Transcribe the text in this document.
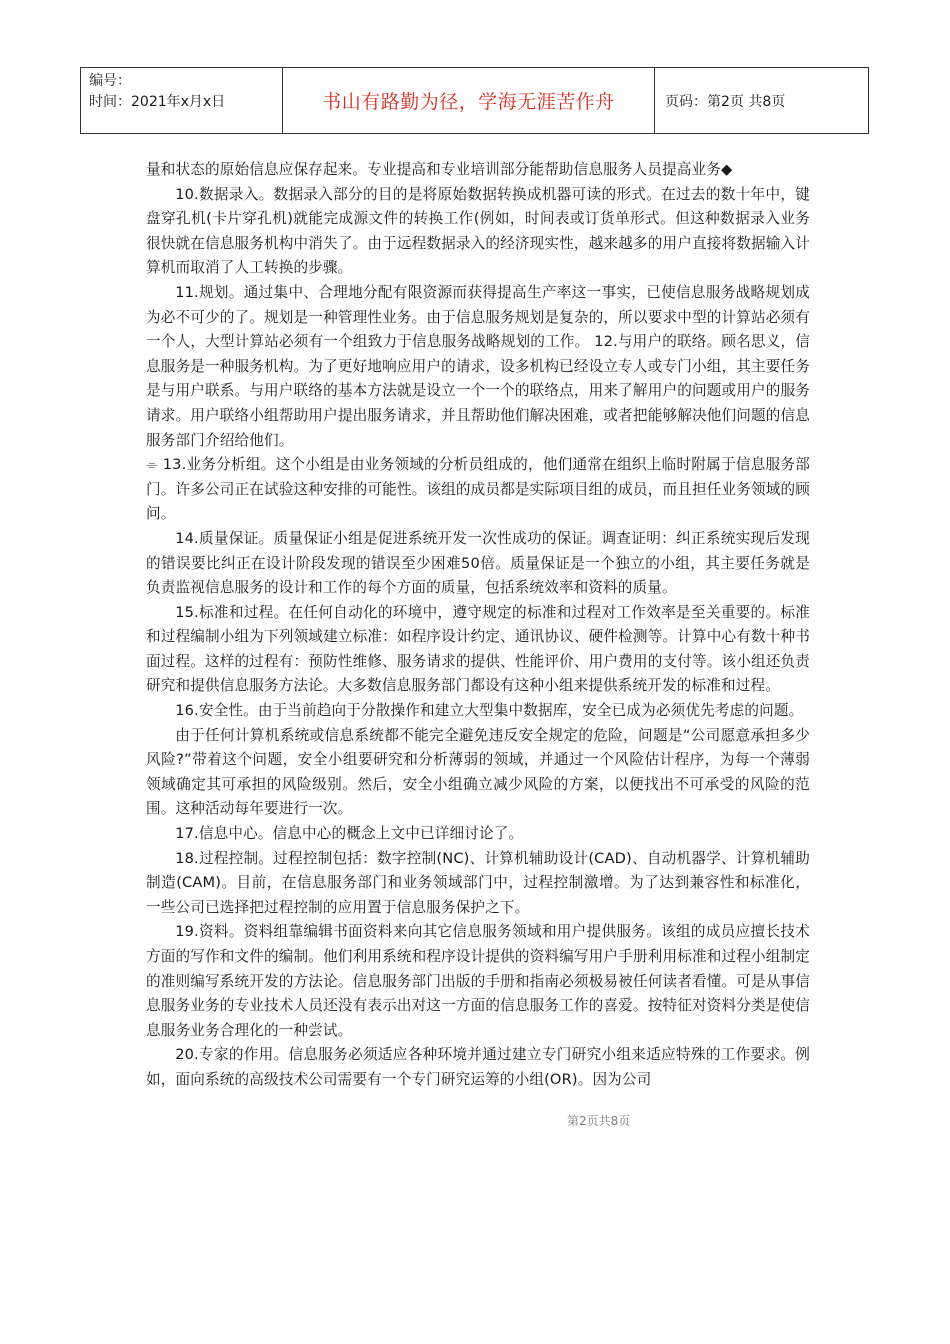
编号：
时间：2021年x月x日	书山有路勤为径，学海无涯苦作舟	页码：第2页 共8页

量和状态的原始信息应保存起来。专业提高和专业培训部分能帮助信息服务人员提高业务◆

10.数据录入。数据录入部分的目的是将原始数据转换成机器可读的形式。在过去的数十年中，键盘穿孔机(卡片穿孔机)就能完成源文件的转换工作(例如，时间表或订货单形式。但这种数据录入业务很快就在信息服务机构中消失了。由于远程数据录入的经济现实性，越来越多的用户直接将数据输入计算机而取消了人工转换的步骤。

11.规划。通过集中、合理地分配有限资源而获得提高生产率这一事实，已使信息服务战略规划成为必不可少的了。规划是一种管理性业务。由于信息服务规划是复杂的，所以要求中型的计算站必须有一个人，大型计算站必须有一个组致力于信息服务战略规划的工作。 12.与用户的联络。顾名思义，信息服务是一种服务机构。为了更好地响应用户的请求，设多机构已经设立专人或专门小组，其主要任务是与用户联系。与用户联络的基本方法就是设立一个一个的联络点，用来了解用户的问题或用户的服务请求。用户联络小组帮助用户提出服务请求，并且帮助他们解决困难，或者把能够解决他们问题的信息服务部门介绍给他们。

⌯ 13.业务分析组。这个小组是由业务领域的分析员组成的，他们通常在组织上临时附属于信息服务部门。许多公司正在试验这种安排的可能性。该组的成员都是实际项目组的成员，而且担任业务领域的顾问。

14.质量保证。质量保证小组是促进系统开发一次性成功的保证。调查证明：纠正系统实现后发现的错误要比纠正在设计阶段发现的错误至少困难50倍。质量保证是一个独立的小组，其主要任务就是负责监视信息服务的设计和工作的每个方面的质量，包括系统效率和资料的质量。

15.标准和过程。在任何自动化的环境中，遵守规定的标准和过程对工作效率是至关重要的。标准和过程编制小组为下列领域建立标准：如程序设计约定、通讯协议、硬件检测等。计算中心有数十种书面过程。这样的过程有：预防性维修、服务请求的提供、性能评价、用户费用的支付等。该小组还负责研究和提供信息服务方法论。大多数信息服务部门都设有这种小组来提供系统开发的标准和过程。

16.安全性。由于当前趋向于分散操作和建立大型集中数据库，安全已成为必须优先考虑的问题。

由于任何计算机系统或信息系统都不能完全避免违反安全规定的危险，问题是“公司愿意承担多少风险?”带着这个问题，安全小组要研究和分析薄弱的领域，并通过一个风险估计程序，为每一个薄弱领域确定其可承担的风险级别。然后，安全小组确立减少风险的方案，以便找出不可承受的风险的范围。这种活动每年要进行一次。

17.信息中心。信息中心的概念上文中已详细讨论了。

18.过程控制。过程控制包括：数字控制(NC)、计算机辅助设计(CAD)、自动机器学、计算机辅助制造(CAM)。目前，在信息服务部门和业务领域部门中，过程控制激增。为了达到兼容性和标准化，一些公司已选择把过程控制的应用置于信息服务保护之下。

19.资料。资料组靠编辑书面资料来向其它信息服务领域和用户提供服务。该组的成员应擅长技术方面的写作和文件的编制。他们利用系统和程序设计提供的资料编写用户手册利用标准和过程小组制定的准则编写系统开发的方法论。信息服务部门出版的手册和指南必须极易被任何读者看懂。可是从事信息服务业务的专业技术人员还没有表示出对这一方面的信息服务工作的喜爱。按特征对资料分类是使信息服务业务合理化的一种尝试。

20.专家的作用。信息服务必须适应各种环境并通过建立专门研究小组来适应特殊的工作要求。例如，面向系统的高级技术公司需要有一个专门研究运筹的小组(OR)。因为公司

第2页共8页
